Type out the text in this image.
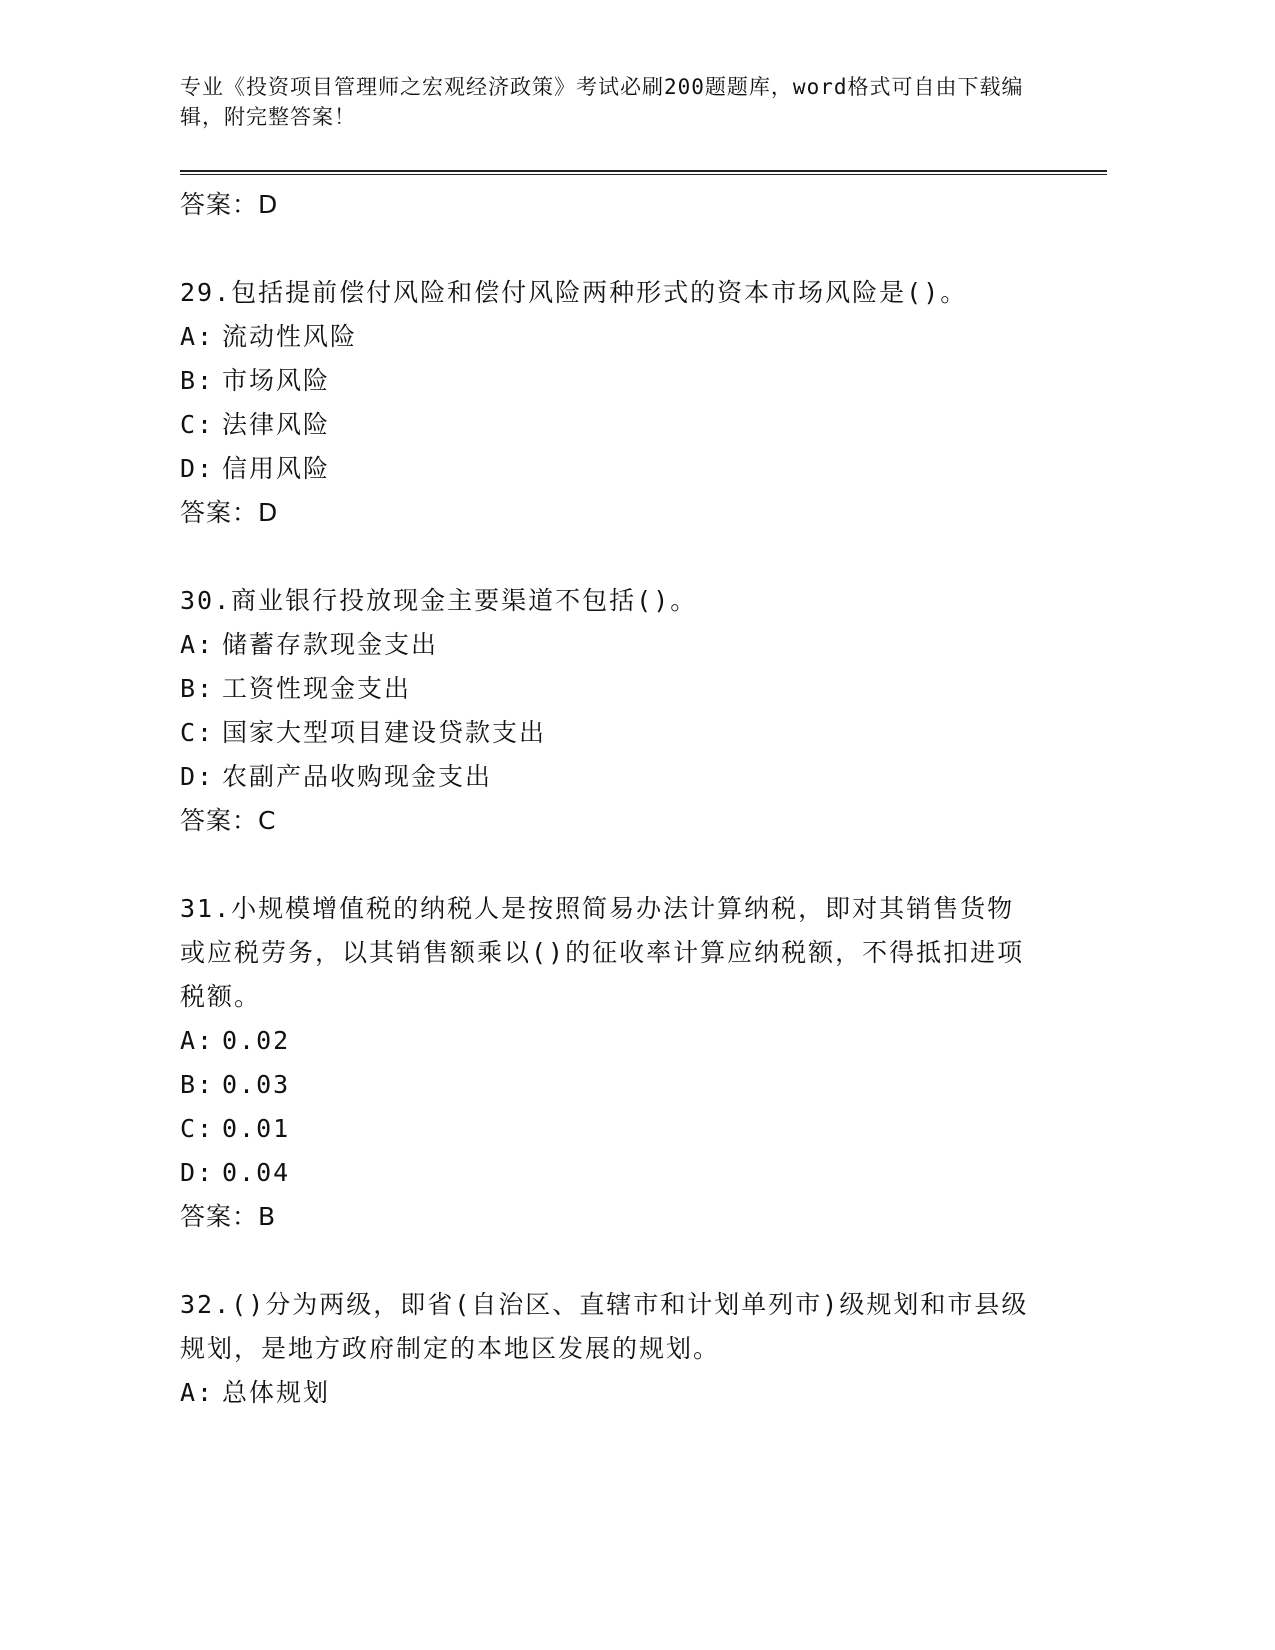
专业《投资项目管理师之宏观经济政策》考试必刷200题题库，word格式可自由下载编辑，附完整答案！
答案：D
29.包括提前偿付风险和偿付风险两种形式的资本市场风险是()。
A: 流动性风险
B: 市场风险
C: 法律风险
D: 信用风险
答案：D
30.商业银行投放现金主要渠道不包括()。
A: 储蓄存款现金支出
B: 工资性现金支出
C: 国家大型项目建设贷款支出
D: 农副产品收购现金支出
答案：C
31.小规模增值税的纳税人是按照简易办法计算纳税，即对其销售货物或应税劳务，以其销售额乘以()的征收率计算应纳税额，不得抵扣进项税额。
A: 0.02
B: 0.03
C: 0.01
D: 0.04
答案：B
32.()分为两级，即省(自治区、直辖市和计划单列市)级规划和市县级规划，是地方政府制定的本地区发展的规划。
A: 总体规划
